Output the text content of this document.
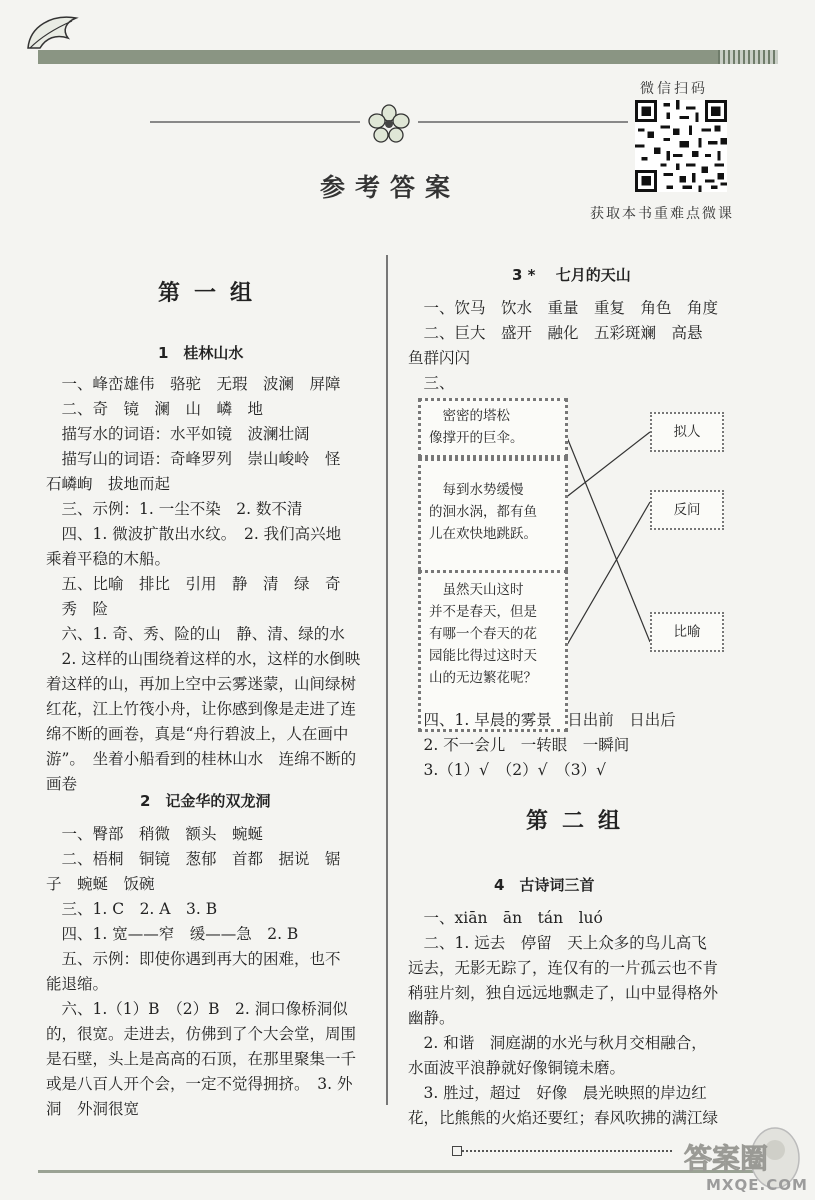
参考答案
微信扫码
获取本书重难点微课
第一组
1　桂林山水
　一、峰峦雄伟　骆驼　无瑕　波澜　屏障
　二、奇　镜　澜　山　嶙　地
　描写水的词语：水平如镜　波澜壮阔
　描写山的词语：奇峰罗列　崇山峻岭　怪
石嶙峋　拔地而起
　三、示例：1. 一尘不染　2. 数不清
　四、1. 微波扩散出水纹。　2. 我们高兴地
乘着平稳的木船。
　五、比喻　排比　引用　静　清　绿　奇
　秀　险
　六、1. 奇、秀、险的山　静、清、绿的水
　2. 这样的山围绕着这样的水，这样的水倒映
着这样的山，再加上空中云雾迷蒙，山间绿树
红花，江上竹筏小舟，让你感到像是走进了连
绵不断的画卷，真是“舟行碧波上，人在画中
游”。　坐着小船看到的桂林山水　连绵不断的
画卷
2　记金华的双龙洞
　一、臀部　稍微　额头　蜿蜒
　二、梧桐　铜镜　葱郁　首都　据说　锯
子　蜿蜒　饭碗
　三、1. C　2. A　3. B
　四、1. 宽——窄　缓——急　2. B
　五、示例：即使你遇到再大的困难，也不
能退缩。
　六、1.（1）B　（2）B　2. 洞口像桥洞似
的，很宽。走进去，仿佛到了个大会堂，周围
是石壁，头上是高高的石顶，在那里聚集一千
或是八百人开个会，一定不觉得拥挤。　3. 外
洞　外洞很宽
3 * 　七月的天山
　一、饮马　饮水　重量　重复　角色　角度
　二、巨大　盛开　融化　五彩斑斓　高悬
鱼群闪闪
　三、
　密密的塔松
像撑开的巨伞。
　每到水势缓慢
的洄水涡，都有鱼
儿在欢快地跳跃。
　虽然天山这时
并不是春天，但是
有哪一个春天的花
园能比得过这时天
山的无边繁花呢？
拟人
反问
比喻
　四、1. 早晨的雾景　日出前　日出后
　2. 不一会儿　一转眼　一瞬间
　3.（1）√　（2）√　（3）√
第二组
4　古诗词三首
　一、xiān　ān　tán　luó
　二、1. 远去　停留　天上众多的鸟儿高飞
远去，无影无踪了，连仅有的一片孤云也不肯
稍驻片刻，独自远远地飘走了，山中显得格外
幽静。
　2. 和谐　洞庭湖的水光与秋月交相融合，
水面波平浪静就好像铜镜未磨。
　3. 胜过，超过　好像　晨光映照的岸边红
花，比熊熊的火焰还要红；春风吹拂的满江绿
答案圈
MXQE.COM
